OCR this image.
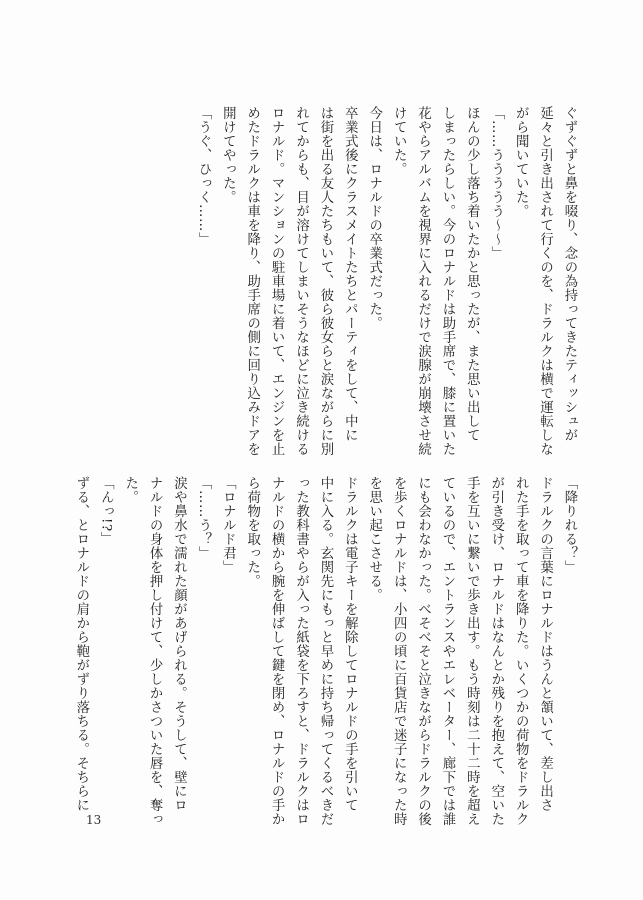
ぐずぐずと鼻を啜り、念の為持ってきたティッシュが
延々と引き出されて行くのを、ドラルクは横で運転しな
がら聞いていた。
「……ううううう〜〜」
ほんの少し落ち着いたかと思ったが、また思い出して
しまったらしい。今のロナルドは助手席で、膝に置いた
花やらアルバムを視界に入れるだけで涙腺が崩壊させ続
けていた。
今日は、ロナルドの卒業式だった。
卒業式後にクラスメイトたちとパーティをして、中に
は街を出る友人たちもいて、彼ら彼女らと涙ながらに別
れてからも、目が溶けてしまいそうなほどに泣き続ける
ロナルド。マンションの駐車場に着いて、エンジンを止
めたドラルクは車を降り、助手席の側に回り込みドアを
開けてやった。
「うぐ、ひっく……」
「降りれる？」
ドラルクの言葉にロナルドはうんと頷いて、差し出さ
れた手を取って車を降りた。いくつかの荷物をドラルク
が引き受け、ロナルドはなんとか残りを抱えて、空いた
手を互いに繋いで歩き出す。もう時刻は二十二時を超え
ているので、エントランスやエレベーター、廊下では誰
にも会わなかった。べそべそと泣きながらドラルクの後
を歩くロナルドは、小四の頃に百貨店で迷子になった時
を思い起こさせる。
ドラルクは電子キーを解除してロナルドの手を引いて
中に入る。玄関先にもっと早めに持ち帰ってくるべきだ
った教科書やらが入った紙袋を下ろすと、ドラルクはロ
ナルドの横から腕を伸ばして鍵を閉め、ロナルドの手か
ら荷物を取った。
「ロナルド君」
「……う？」
涙や鼻水で濡れた顔があげられる。そうして、壁にロ
ナルドの身体を押し付けて、少しかさついた唇を、奪っ
た。
「んっ!?」
ずる、とロナルドの肩から鞄がずり落ちる。そちらに
13
